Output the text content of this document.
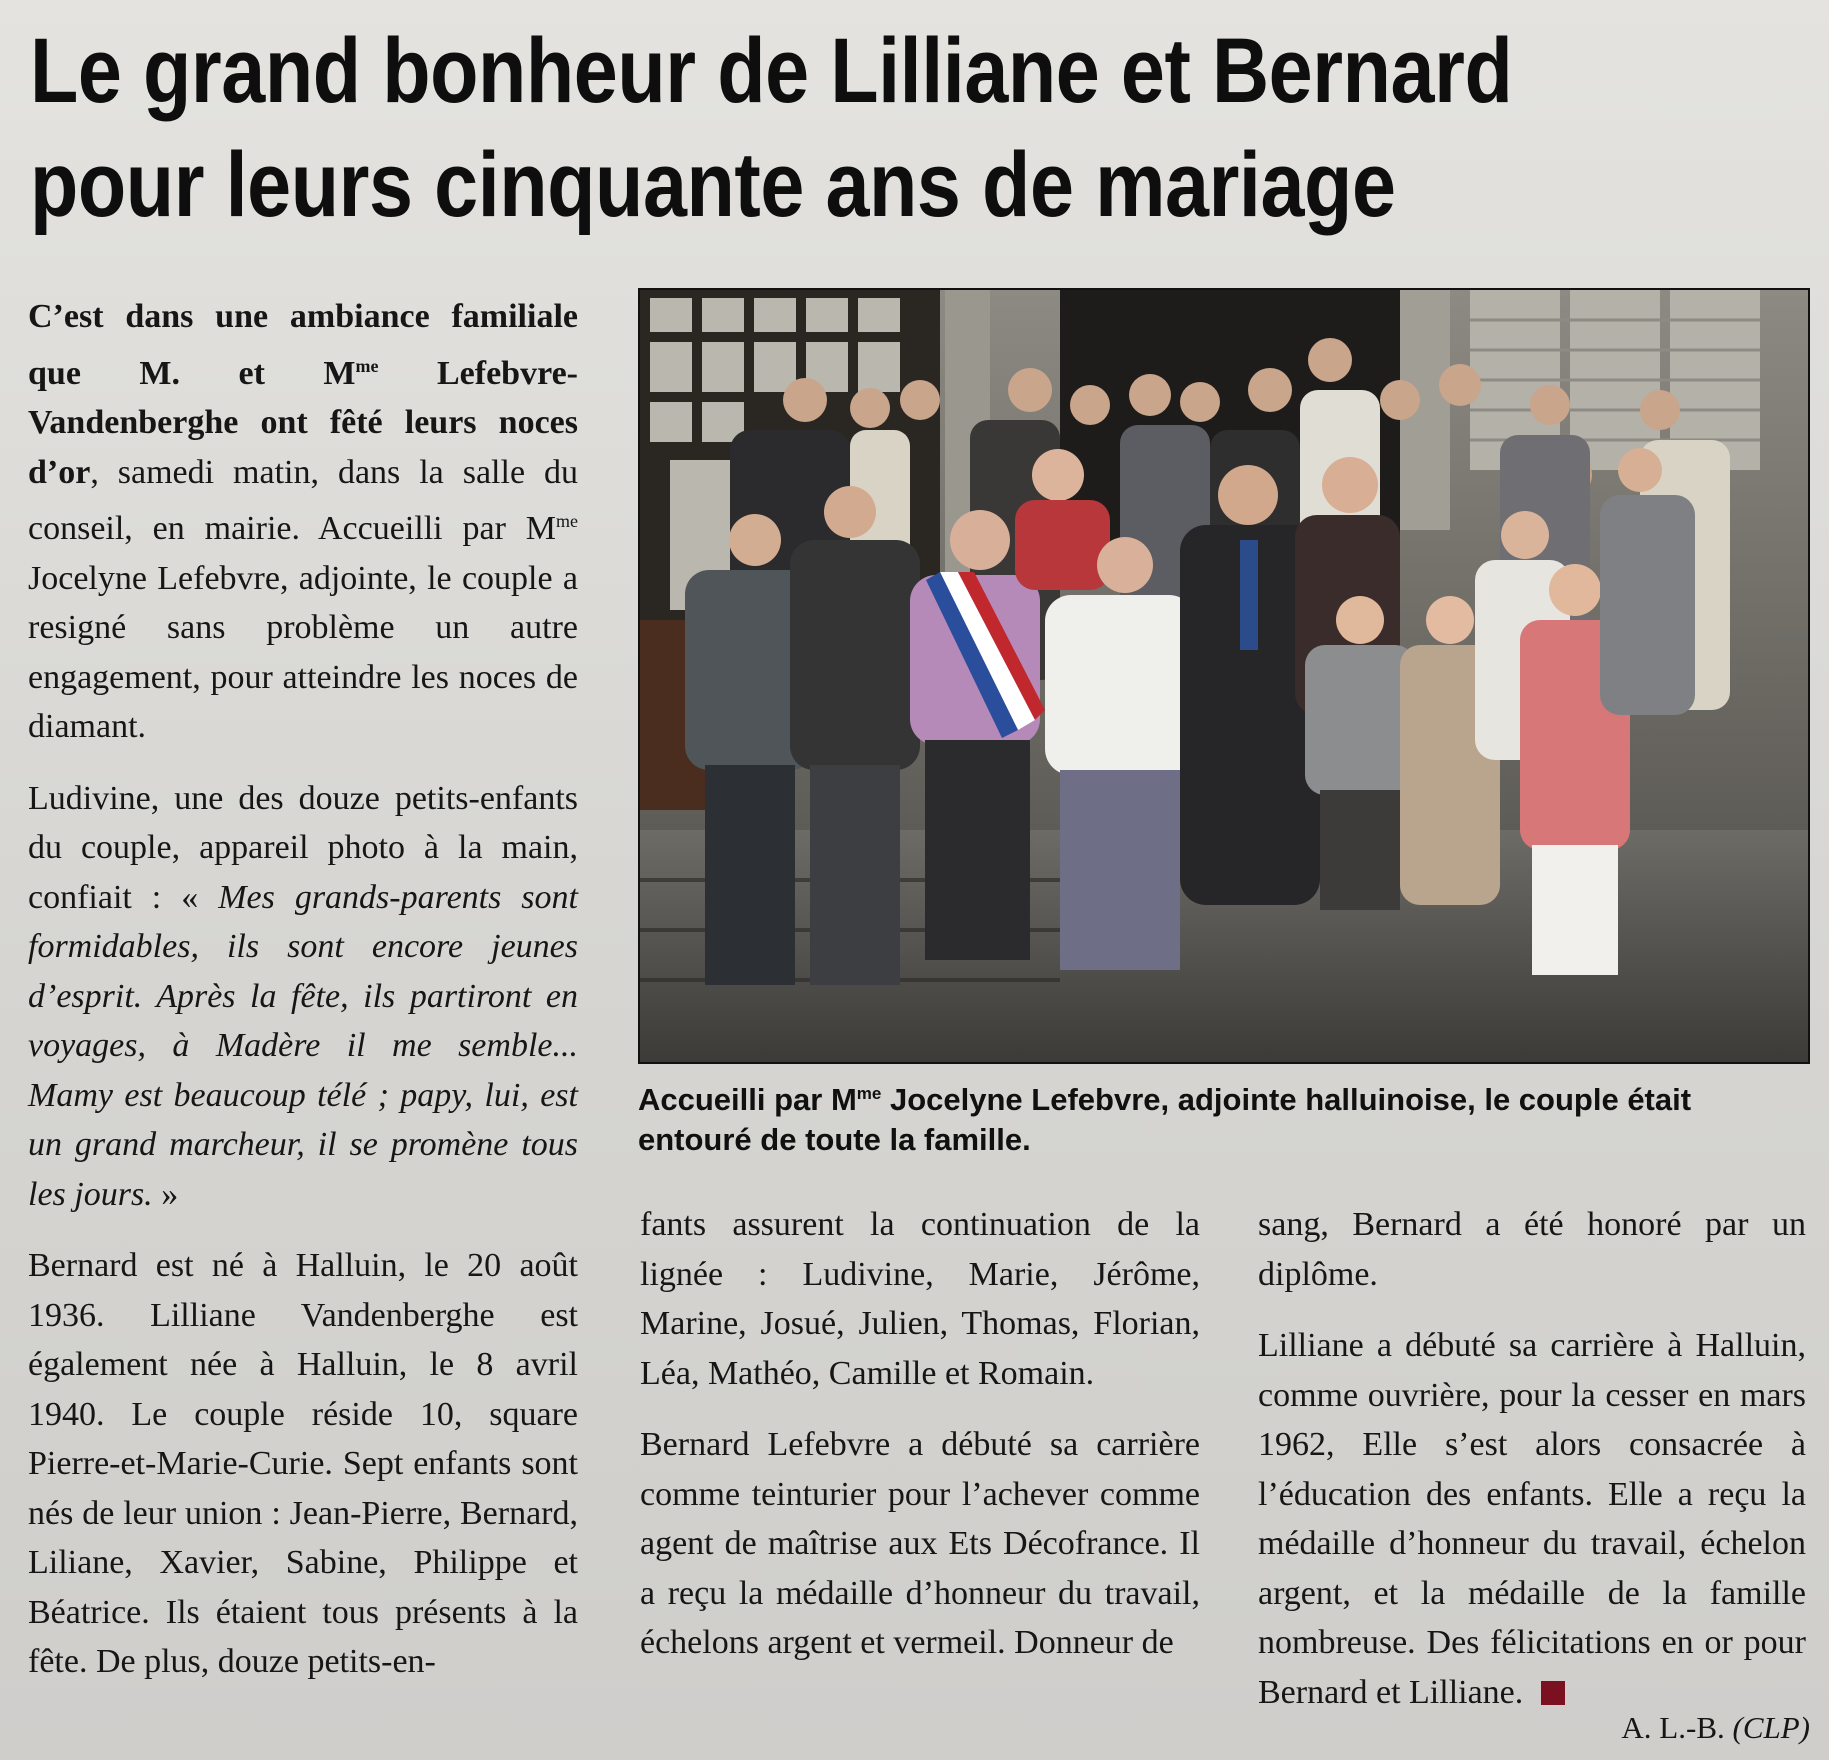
Le grand bonheur de Lilliane et Bernard
pour leurs cinquante ans de mariage

C’est dans une ambiance familiale que M. et $M^{me}$ Lefebvre-Vandenberghe ont fêté leurs noces d’or, samedi matin, dans la salle du conseil, en mairie. Accueilli par $M^{me}$ Jocelyne Lefebvre, adjointe, le couple a resigné sans problème un autre engagement, pour atteindre les noces de diamant.

Ludivine, une des douze petits-enfants du couple, appareil photo à la main, confiait : « Mes grands-parents sont formidables, ils sont encore jeunes d’esprit. Après la fête, ils partiront en voyages, à Madère il me semble... Mamy est beaucoup télé ; papy, lui, est un grand marcheur, il se promène tous les jours. »

Bernard est né à Halluin, le 20 août 1936. Lilliane Vandenberghe est également née à Halluin, le 8 avril 1940. Le couple réside 10, square Pierre-et-Marie-Curie. Sept enfants sont nés de leur union : Jean-Pierre, Bernard, Liliane, Xavier, Sabine, Philippe et Béatrice. Ils étaient tous présents à la fête. De plus, douze petits-en-

Accueilli par $M^{me}$ Jocelyne Lefebvre, adjointe halluinoise, le couple était entouré de toute la famille.

fants assurent la continuation de la lignée : Ludivine, Marie, Jérôme, Marine, Josué, Julien, Thomas, Florian, Léa, Mathéo, Camille et Romain.

Bernard Lefebvre a débuté sa carrière comme teinturier pour l’achever comme agent de maîtrise aux Ets Décofrance. Il a reçu la médaille d’honneur du travail, échelons argent et vermeil. Donneur de

sang, Bernard a été honoré par un diplôme.

Lilliane a débuté sa carrière à Halluin, comme ouvrière, pour la cesser en mars 1962, Elle s’est alors consacrée à l’éducation des enfants. Elle a reçu la médaille d’honneur du travail, échelon argent, et la médaille de la famille nombreuse. Des félicitations en or pour Bernard et Lilliane.

A. L.-B. (CLP)
